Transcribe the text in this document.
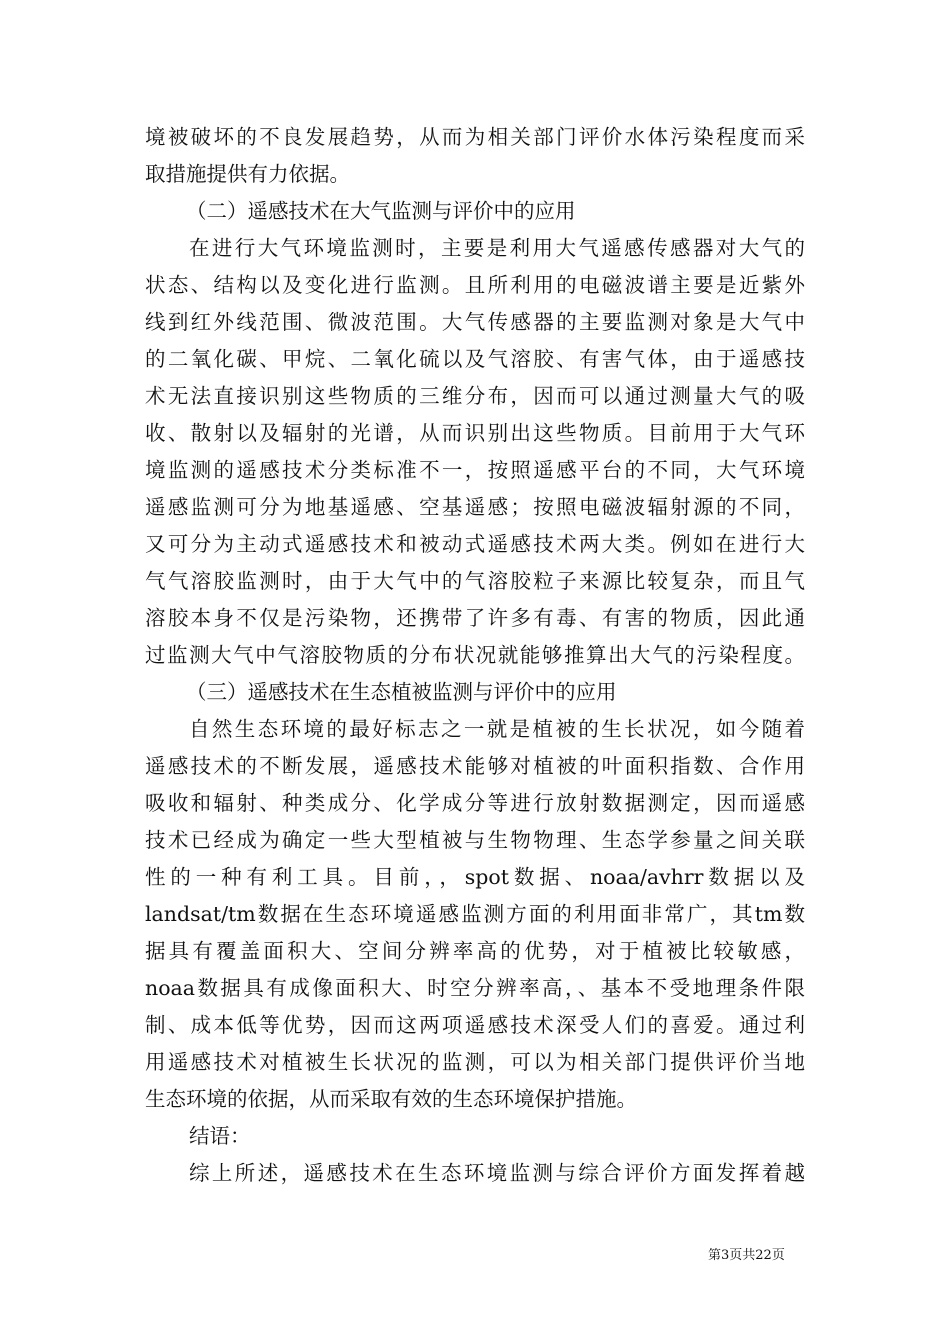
境被破坏的不良发展趋势，从而为相关部门评价水体污染程度而采
取措施提供有力依据。
（二）遥感技术在大气监测与评价中的应用
在进行大气环境监测时，主要是利用大气遥感传感器对大气的
状态、结构以及变化进行监测。且所利用的电磁波谱主要是近紫外
线到红外线范围、微波范围。大气传感器的主要监测对象是大气中
的二氧化碳、甲烷、二氧化硫以及气溶胶、有害气体，由于遥感技
术无法直接识别这些物质的三维分布，因而可以通过测量大气的吸
收、散射以及辐射的光谱，从而识别出这些物质。目前用于大气环
境监测的遥感技术分类标准不一，按照遥感平台的不同，大气环境
遥感监测可分为地基遥感、空基遥感；按照电磁波辐射源的不同，
又可分为主动式遥感技术和被动式遥感技术两大类。例如在进行大
气气溶胶监测时，由于大气中的气溶胶粒子来源比较复杂，而且气
溶胶本身不仅是污染物，还携带了许多有毒、有害的物质，因此通
过监测大气中气溶胶物质的分布状况就能够推算出大气的污染程度。
（三）遥感技术在生态植被监测与评价中的应用
自然生态环境的最好标志之一就是植被的生长状况，如今随着
遥感技术的不断发展，遥感技术能够对植被的叶面积指数、合作用
吸收和辐射、种类成分、化学成分等进行放射数据测定，因而遥感
技术已经成为确定一些大型植被与生物物理、生态学参量之间关联
性的一种有利工具。目前，，spot数据、noaa/avhrr数据以及
landsat/tm数据在生态环境遥感监测方面的利用面非常广，其tm数
据具有覆盖面积大、空间分辨率高的优势，对于植被比较敏感，
noaa数据具有成像面积大、时空分辨率高，、基本不受地理条件限
制、成本低等优势，因而这两项遥感技术深受人们的喜爱。通过利
用遥感技术对植被生长状况的监测，可以为相关部门提供评价当地
生态环境的依据，从而采取有效的生态环境保护措施。
结语：
综上所述，遥感技术在生态环境监测与综合评价方面发挥着越
第3页共22页
